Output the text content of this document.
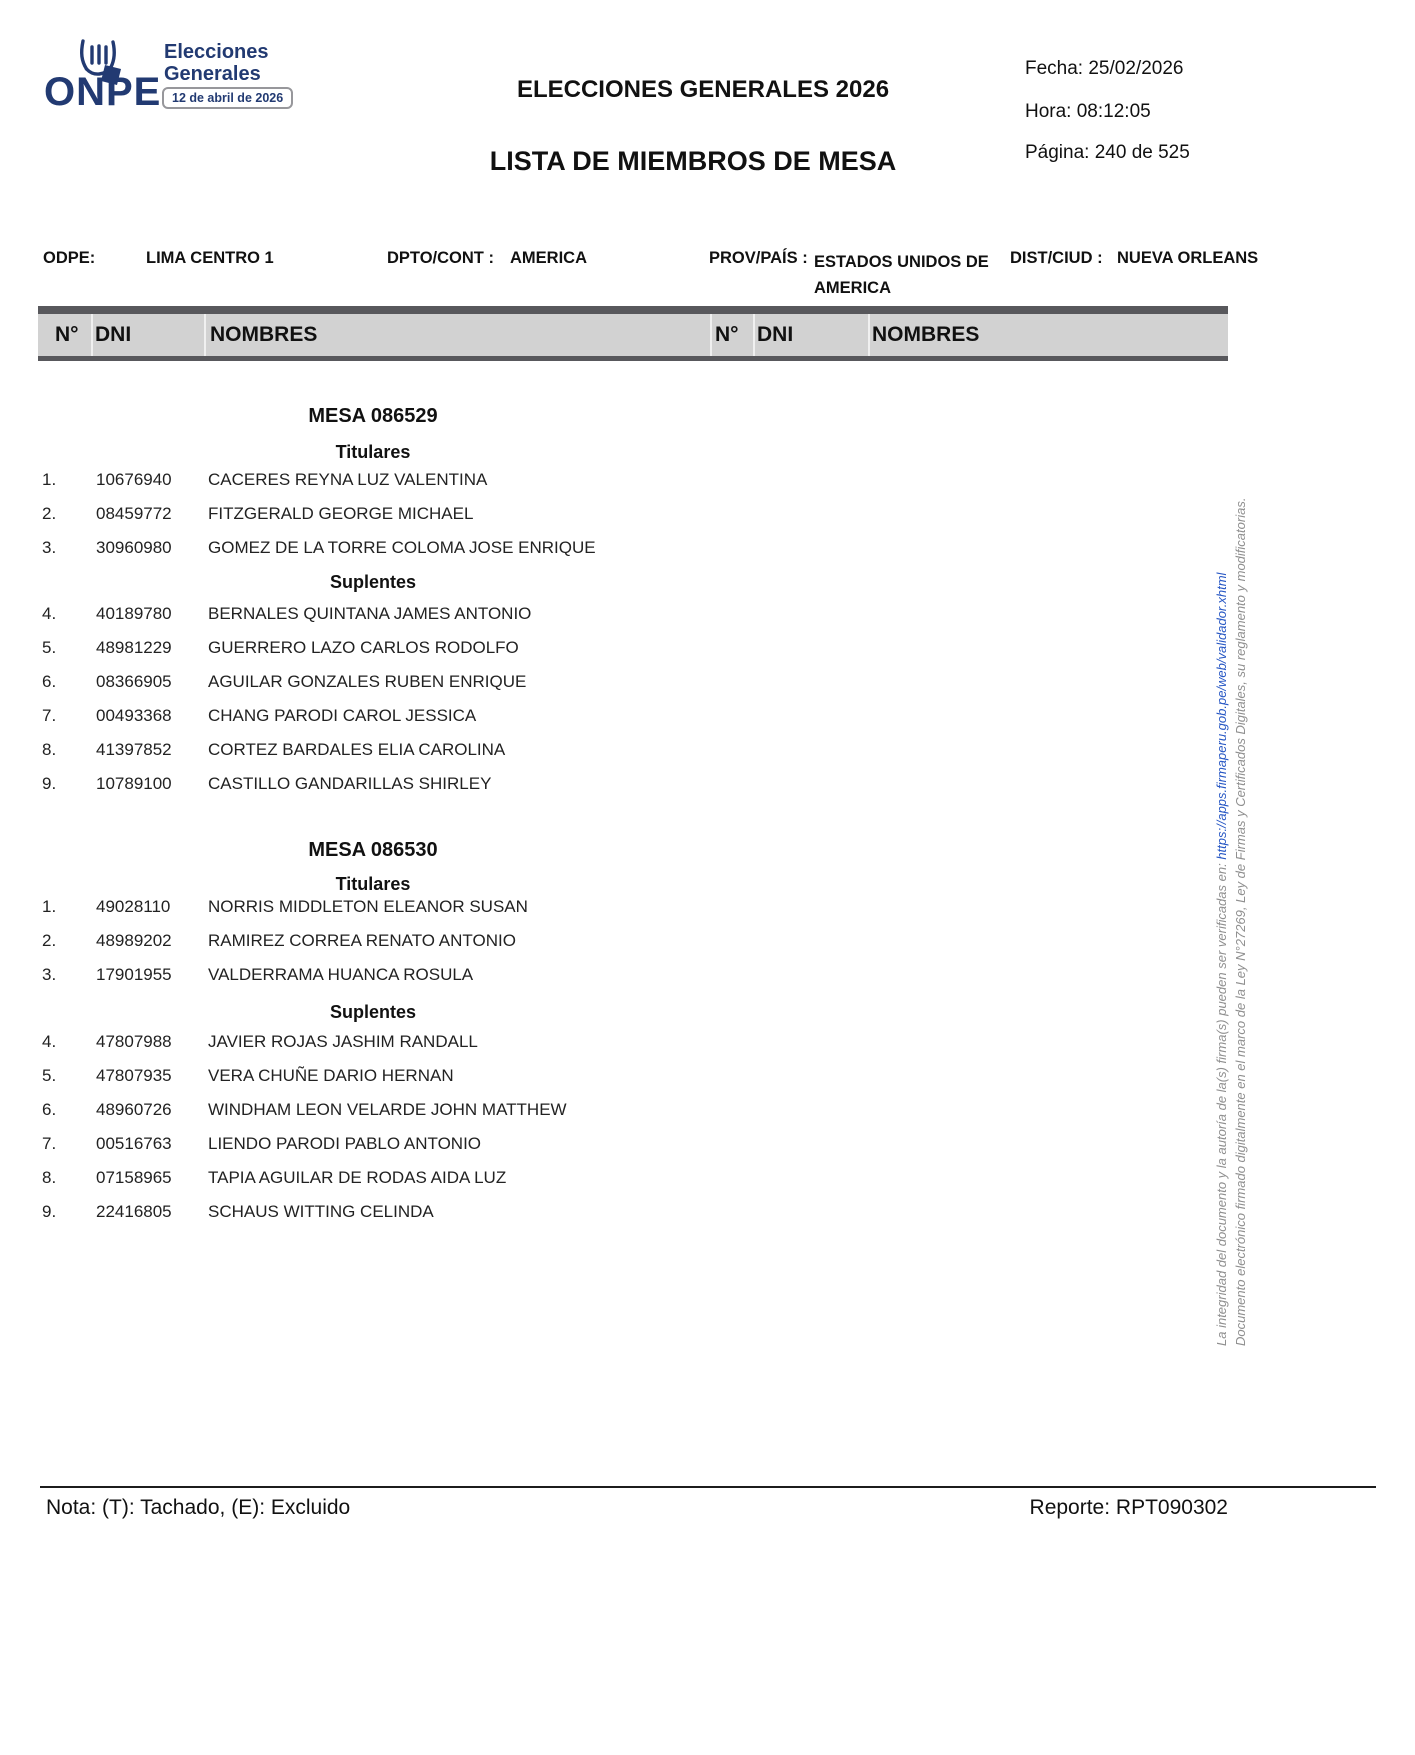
ONPE
Elecciones
Generales
12 de abril de 2026	ELECCIONES GENERALES 2026
LISTA DE MIEMBROS DE MESA
Fecha: 25/02/2026
Hora: 08:12:05
Página: 240 de 525
ODPE:	LIMA CENTRO 1	DPTO/CONT : AMERICA	PROV/PAÍS : ESTADOS UNIDOS DE AMERICA
DIST/CIUD : NUEVA ORLEANS
N° DNI	NOMBRES	N° DNI	NOMBRES
MESA 086529
Titulares
1. 10676940 CACERES REYNA LUZ VALENTINA
2. 08459772 FITZGERALD GEORGE MICHAEL
3. 30960980 GOMEZ DE LA TORRE COLOMA JOSE ENRIQUE
Suplentes
4. 40189780 BERNALES QUINTANA JAMES ANTONIO
5. 48981229 GUERRERO LAZO CARLOS RODOLFO
6. 08366905 AGUILAR GONZALES RUBEN ENRIQUE
7. 00493368 CHANG PARODI CAROL JESSICA
8. 41397852 CORTEZ BARDALES ELIA CAROLINA
9. 10789100 CASTILLO GANDARILLAS SHIRLEY
MESA 086530
Titulares
1. 49028110 NORRIS MIDDLETON ELEANOR SUSAN
2. 48989202 RAMIREZ CORREA RENATO ANTONIO
3. 17901955 VALDERRAMA HUANCA ROSULA
Suplentes
4. 47807988 JAVIER ROJAS JASHIM RANDALL
5. 47807935 VERA CHUÑE DARIO HERNAN
6. 48960726 WINDHAM LEON VELARDE JOHN MATTHEW
7. 00516763 LIENDO PARODI PABLO ANTONIO
8. 07158965 TAPIA AGUILAR DE RODAS AIDA LUZ
9. 22416805 SCHAUS WITTING CELINDA	La integridad del documento y la autoría de la(s) firma(s) pueden ser verificadas en: https://apps.firmaperu.gob.pe/web/validador.xhtml Documento electrónico firmado digitalmente en el marco de la Ley N°27269, Ley de Firmas y Certificados Digitales, su reglamento y modificatorias.
Nota: (T): Tachado, (E): Excluido	Reporte: RPT090302
